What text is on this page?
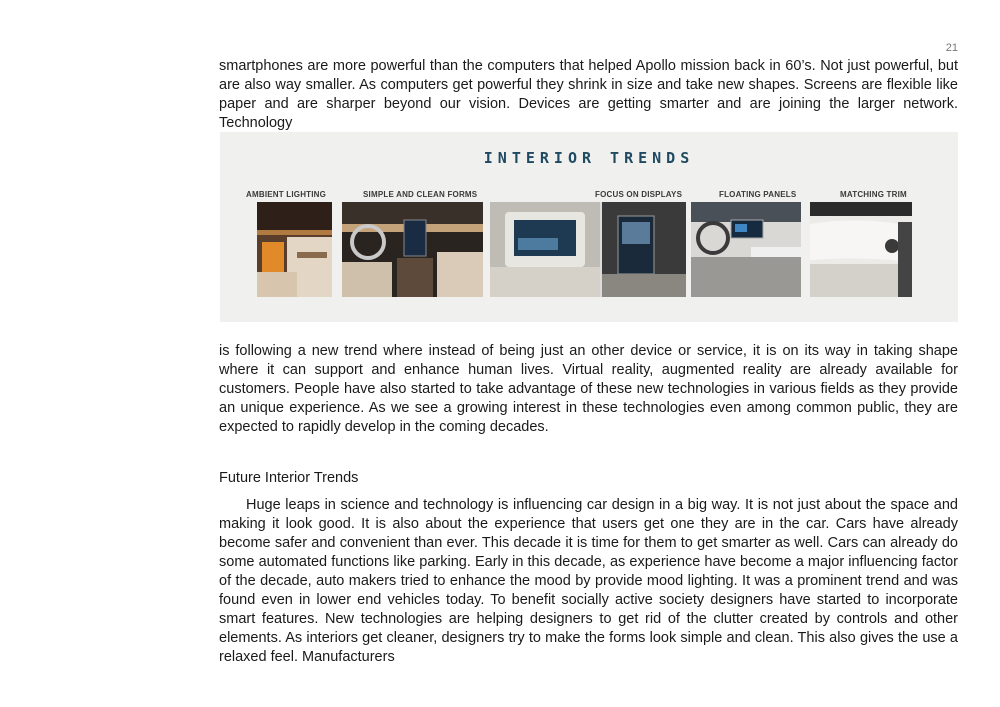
21

smartphones are more powerful than the computers that helped Apollo mission back in 60’s. Not just powerful, but are also way smaller. As computers get powerful they shrink in size and take new shapes. Screens are flexible like paper and are sharper beyond our vision. Devices are getting smarter and are joining the larger network. Technology

INTERIOR TRENDS
AMBIENT LIGHTING	SIMPLE AND CLEAN FORMS	FOCUS ON DISPLAYS	FLOATING PANELS	MATCHING TRIM

is following a new trend where instead of being just an other device or service, it is on its way in taking shape where it can support and enhance human lives. Virtual reality, augmented reality are already available for customers. People have also started to take advantage of these new technologies in various fields as they provide an unique experience. As we see a growing interest in these technologies even among common public, they are expected to rapidly develop in the coming decades.

Future Interior Trends

Huge leaps in science and technology is influencing car design in a big way. It is not just about the space and making it look good. It is also about the experience that users get one they are in the car. Cars have already become safer and convenient than ever. This decade it is time for them to get smarter as well. Cars can already do some automated functions like parking. Early in this decade, as experience have become a major influencing factor of the decade, auto makers tried to enhance the mood by provide mood lighting. It was a prominent trend and was found even in lower end vehicles today. To benefit socially active society designers have started to incorporate smart features. New technologies are helping designers to get rid of the clutter created by controls and other elements. As interiors get cleaner, designers try to make the forms look simple and clean. This also gives the use a relaxed feel. Manufacturers
